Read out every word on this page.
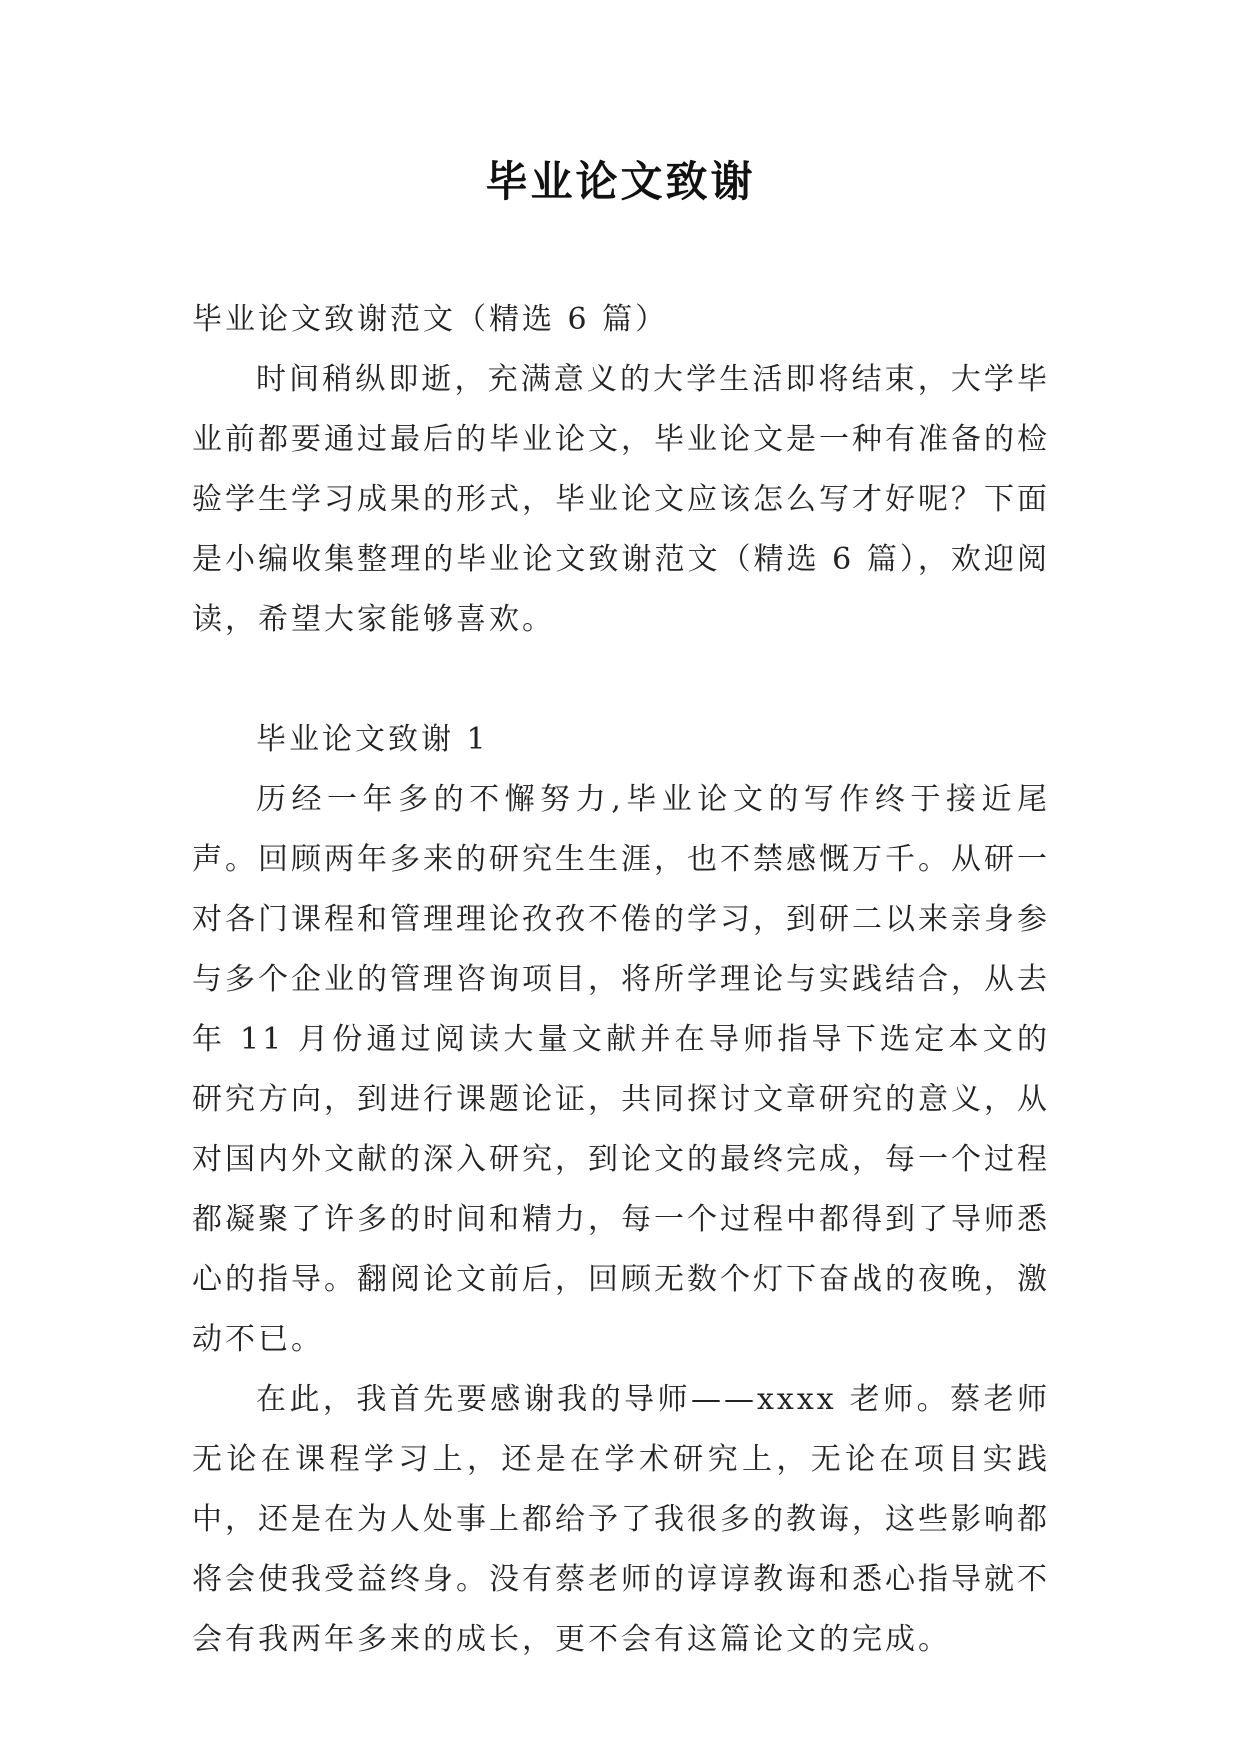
毕业论文致谢

毕业论文致谢范文（精选 6 篇）

时间稍纵即逝，充满意义的大学生活即将结束，大学毕业前都要通过最后的毕业论文，毕业论文是一种有准备的检验学生学习成果的形式，毕业论文应该怎么写才好呢？下面是小编收集整理的毕业论文致谢范文（精选 6 篇），欢迎阅读，希望大家能够喜欢。

毕业论文致谢 1

历经一年多的不懈努力,毕业论文的写作终于接近尾声。回顾两年多来的研究生生涯，也不禁感慨万千。从研一对各门课程和管理理论孜孜不倦的学习，到研二以来亲身参与多个企业的管理咨询项目，将所学理论与实践结合，从去年 11 月份通过阅读大量文献并在导师指导下选定本文的研究方向，到进行课题论证，共同探讨文章研究的意义，从对国内外文献的深入研究，到论文的最终完成，每一个过程都凝聚了许多的时间和精力，每一个过程中都得到了导师悉心的指导。翻阅论文前后，回顾无数个灯下奋战的夜晚，激动不已。

在此，我首先要感谢我的导师——xxxx 老师。蔡老师无论在课程学习上，还是在学术研究上，无论在项目实践中，还是在为人处事上都给予了我很多的教诲，这些影响都将会使我受益终身。没有蔡老师的谆谆教诲和悉心指导就不会有我两年多来的成长，更不会有这篇论文的完成。
